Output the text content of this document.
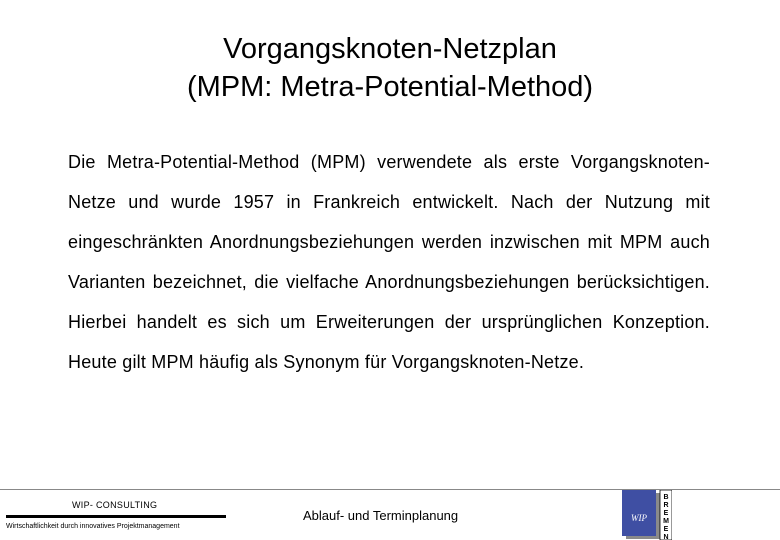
Vorgangsknoten-Netzplan
(MPM: Metra-Potential-Method)
Die Metra-Potential-Method (MPM) verwendete als erste Vorgangsknoten-Netze und wurde 1957 in Frankreich entwickelt. Nach der Nutzung mit eingeschränkten Anordnungsbeziehungen werden inzwischen mit MPM auch Varianten bezeichnet, die vielfache Anordnungsbeziehungen berücksichtigen. Hierbei handelt es sich um Erweiterungen der ursprünglichen Konzeption. Heute gilt MPM häufig als Synonym für Vorgangsknoten-Netze.
WIP- CONSULTING
Wirtschaftlichkeit durch innovatives Projektmanagement
Ablauf- und Terminplanung	WIP
B
R
E
M
E
N
